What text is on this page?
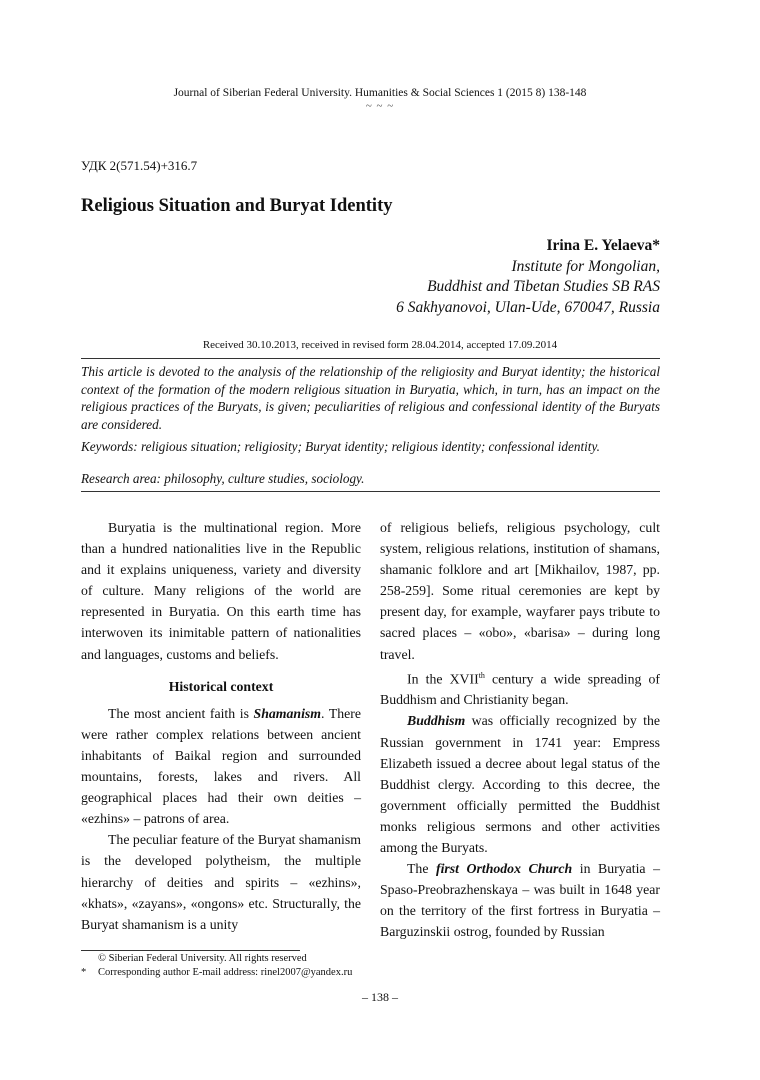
Journal of Siberian Federal University. Humanities & Social Sciences 1 (2015 8) 138-148
~ ~ ~
УДК 2(571.54)+316.7
Religious Situation and Buryat Identity
Irina E. Yelaeva*
Institute for Mongolian,
Buddhist and Tibetan Studies SB RAS
6 Sakhyanovoi, Ulan-Ude, 670047, Russia
Received 30.10.2013, received in revised form 28.04.2014, accepted 17.09.2014

This article is devoted to the analysis of the relationship of the religiosity and Buryat identity; the historical context of the formation of the modern religious situation in Buryatia, which, in turn, has an impact on the religious practices of the Buryats, is given; peculiarities of religious and confessional identity of the Buryats are considered.

Keywords: religious situation; religiosity; Buryat identity; religious identity; confessional identity.
Research area: philosophy, culture studies, sociology.

Buryatia is the multinational region. More than a hundred nationalities live in the Republic and it explains uniqueness, variety and diversity of culture. Many religions of the world are represented in Buryatia. On this earth time has interwoven its inimitable pattern of nationalities and languages, customs and beliefs.

Historical context

The most ancient faith is Shamanism. There were rather complex relations between ancient inhabitants of Baikal region and surrounded mountains, forests, lakes and rivers. All geographical places had their own deities – «ezhins» – patrons of area.

The peculiar feature of the Buryat shamanism is the developed polytheism, the multiple hierarchy of deities and spirits – «ezhins», «khats», «zayans», «ongons» etc. Structurally, the Buryat shamanism is a unity

of religious beliefs, religious psychology, cult system, religious relations, institution of shamans, shamanic folklore and art [Mikhailov, 1987, pp. 258-259]. Some ritual ceremonies are kept by present day, for example, wayfarer pays tribute to sacred places – «obo», «barisa» – during long travel.

In the XVIIth century a wide spreading of Buddhism and Christianity began.

Buddhism was officially recognized by the Russian government in 1741 year: Empress Elizabeth issued a decree about legal status of the Buddhist clergy. According to this decree, the government officially permitted the Buddhist monks religious sermons and other activities among the Buryats.

The first Orthodox Church in Buryatia – Spaso-Preobrazhenskaya – was built in 1648 year on the territory of the first fortress in Buryatia – Barguzinskii ostrog, founded by Russian

© Siberian Federal University. All rights reserved
* Corresponding author E-mail address: rinel2007@yandex.ru
– 138 –
